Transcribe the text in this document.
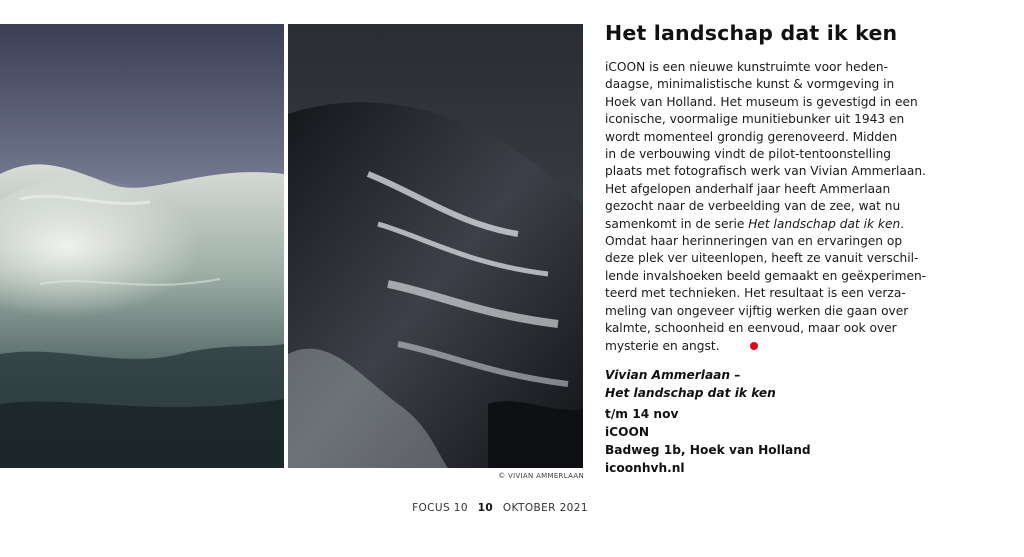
© VIVIAN AMMERLAAN
Het landschap dat ik ken
iCOON is een nieuwe kunstruimte voor heden-
daagse, minimalistische kunst & vormgeving in
Hoek van Holland. Het museum is gevestigd in een
iconische, voormalige munitiebunker uit 1943 en
wordt momenteel grondig gerenoveerd. Midden
in de verbouwing vindt de pilot-tentoonstelling
plaats met fotografisch werk van Vivian Ammerlaan.
Het afgelopen anderhalf jaar heeft Ammerlaan
gezocht naar de verbeelding van de zee, wat nu
samenkomt in de serie Het landschap dat ik ken.
Omdat haar herinneringen van en ervaringen op
deze plek ver uiteenlopen, heeft ze vanuit verschil-
lende invalshoeken beeld gemaakt en geëxperimen-
teerd met technieken. Het resultaat is een verza-
meling van ongeveer vijftig werken die gaan over
kalmte, schoonheid en eenvoud, maar ook over
mysterie en angst.
Vivian Ammerlaan –
Het landschap dat ik ken
t/m 14 nov
iCOON
Badweg 1b, Hoek van Holland
icoonhvh.nl
FOCUS 10 10 OKTOBER 2021
